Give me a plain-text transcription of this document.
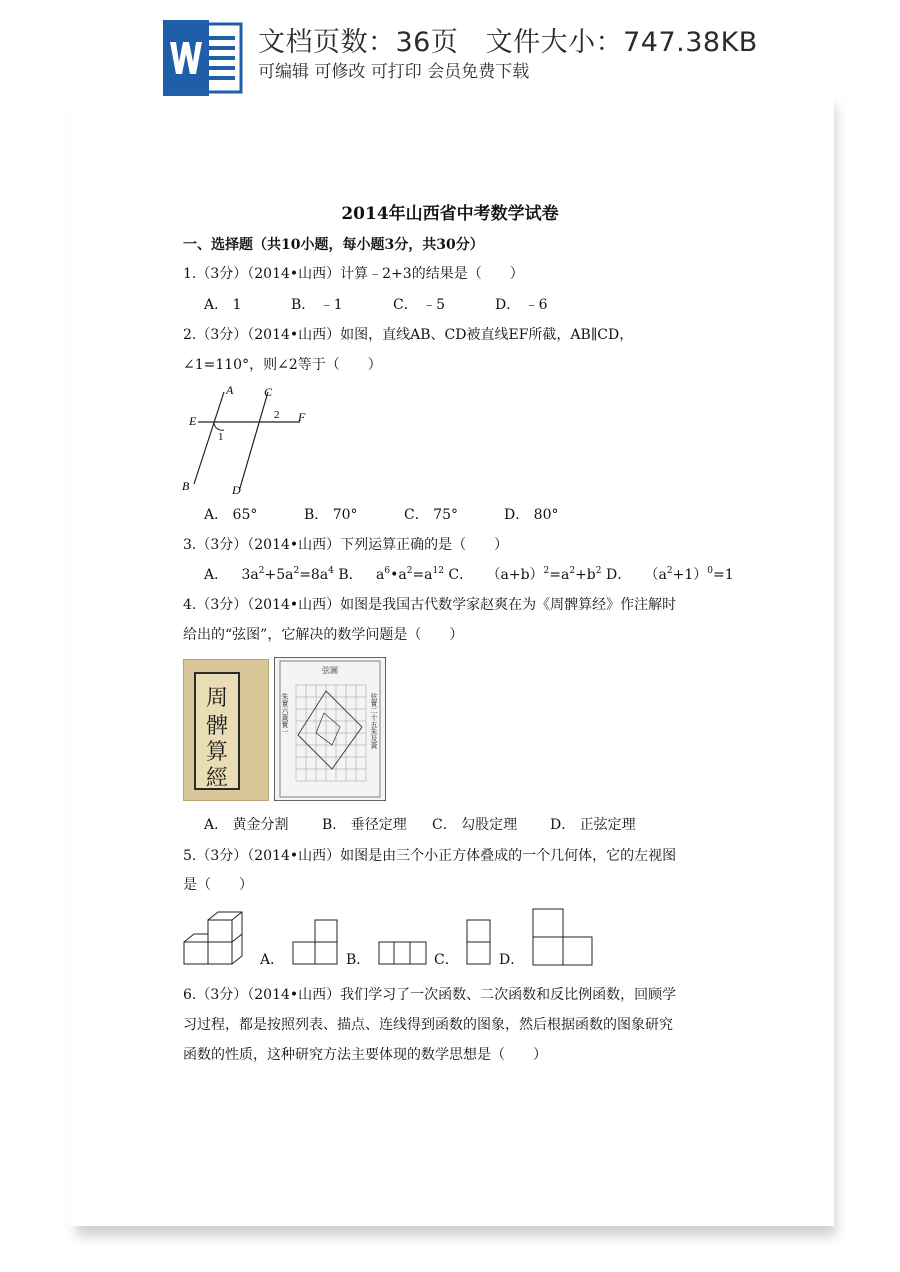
文档页数：36页   文件大小：747.38KB
可编辑 可修改 可打印 会员免费下载
2014年山西省中考数学试卷
一、选择题（共10小题，每小题3分，共30分）
1.（3分）（2014•山西）计算﹣2+3的结果是（　　）
A． 1	B． ﹣1	C． ﹣5	D． ﹣6
2.（3分）（2014•山西）如图，直线AB、CD被直线EF所截，AB∥CD，
∠1=110°，则∠2等于（　　）
A	C
E	F
2
1
B	D
A． 65°	B． 70°	C． 75°	D． 80°
3.（3分）（2014•山西）下列运算正确的是（　　）
A．   $3a^2+5a^2=8a^4$ B．   $a^6•a^2=a^{12}$ C．   $(a+b)^2=a^2+b^2$ D．   $(a^2+1)^0=1$
4.（3分）（2014•山西）如图是我国古代数学家赵爽在为《周髀算经》作注解时
给出的“弦图”，它解决的数学问题是（　　）
周
髀
算
經
弦圖
朱實六黃實一	弦實二十五朱及黃
A． 黄金分割 B． 垂径定理 C． 勾股定理 D． 正弦定理
5.（3分）（2014•山西）如图是由三个小正方体叠成的一个几何体，它的左视图
是（　　）
A．	B．	C．	D．
6.（3分）（2014•山西）我们学习了一次函数、二次函数和反比例函数，回顾学
习过程，都是按照列表、描点、连线得到函数的图象，然后根据函数的图象研究
函数的性质，这种研究方法主要体现的数学思想是（　　）
